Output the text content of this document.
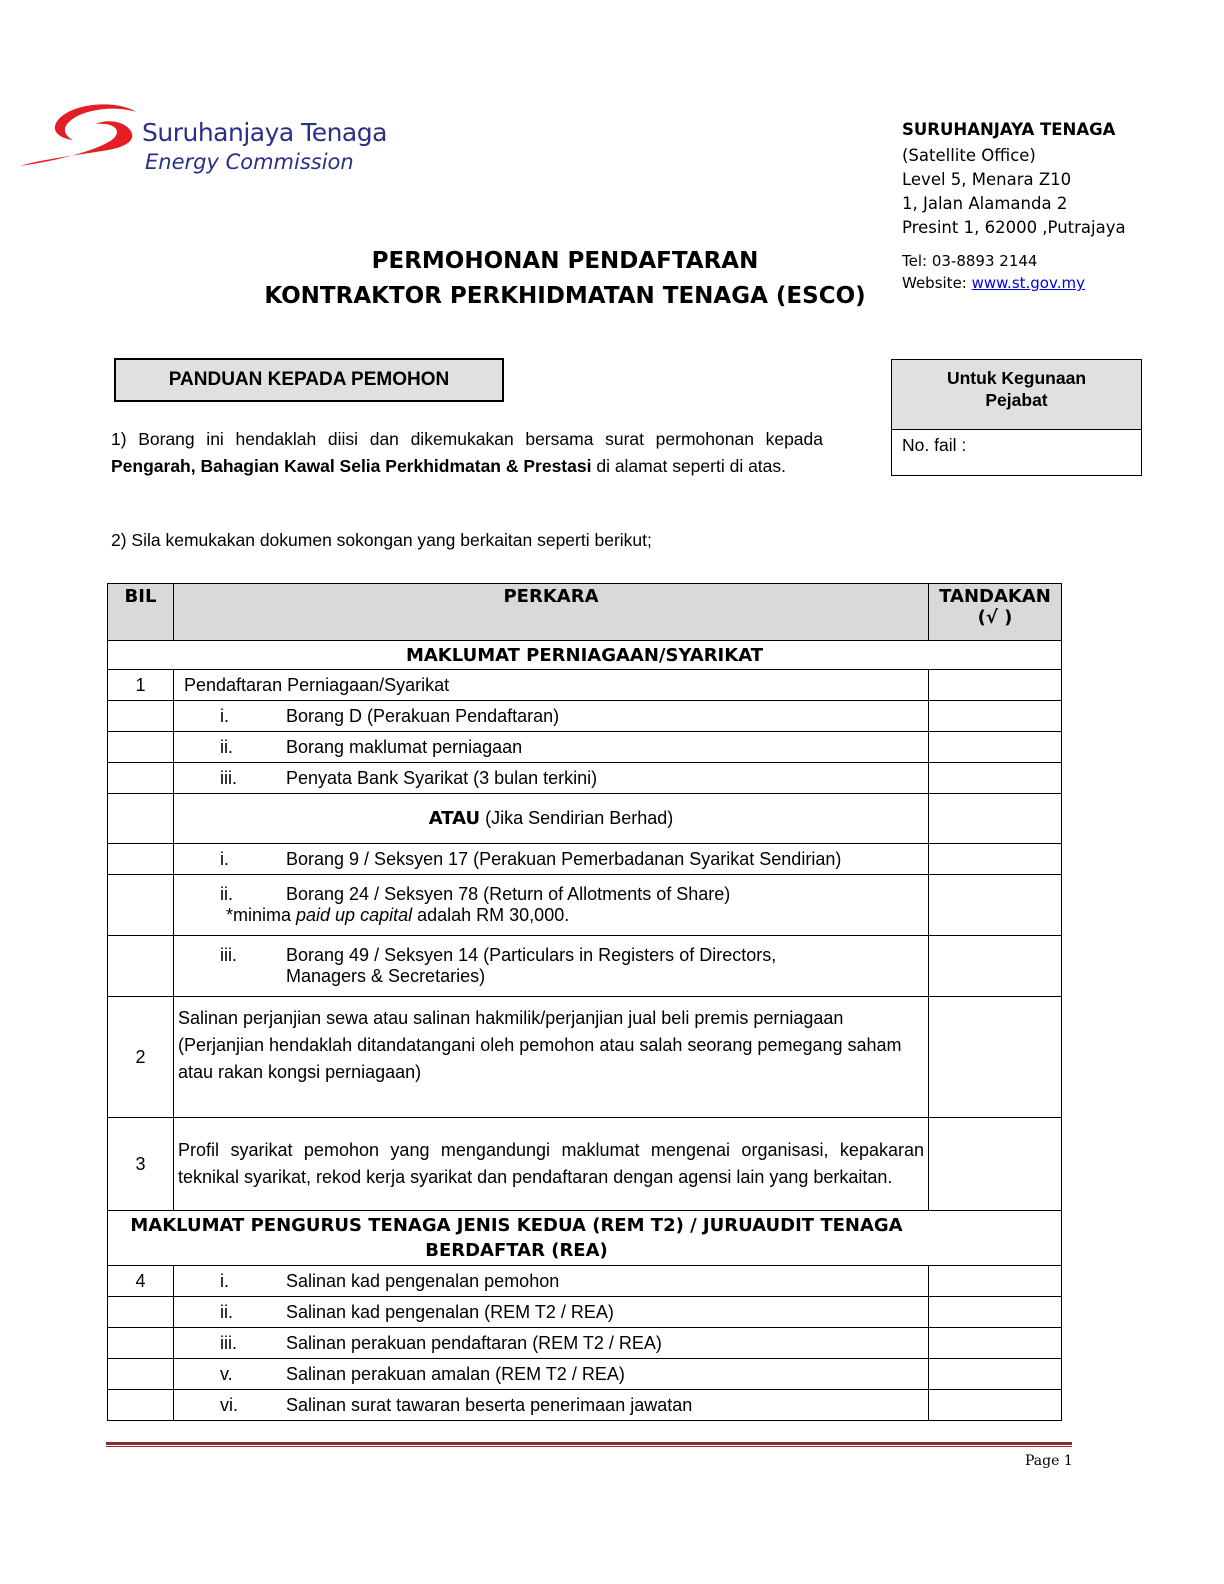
Suruhanjaya Tenaga
Energy Commission
SURUHANJAYA TENAGA
(Satellite Office)
Level 5, Menara Z10
1, Jalan Alamanda 2
Presint 1, 62000 ,Putrajaya
Tel: 03-8893 2144
Website: www.st.gov.my
PERMOHONAN PENDAFTARAN
KONTRAKTOR PERKHIDMATAN TENAGA (ESCO)
PANDUAN KEPADA PEMOHON	Untuk Kegunaan Pejabat
No. fail :
1) Borang ini hendaklah diisi dan dikemukakan bersama surat permohonan kepada Pengarah, Bahagian Kawal Selia Perkhidmatan & Prestasi di alamat seperti di atas.
2) Sila kemukakan dokumen sokongan yang berkaitan seperti berikut;
BIL	PERKARA	TANDAKAN
(√ )

MAKLUMAT PERNIAGAAN/SYARIKAT		
1	Pendaftaran Perniagaan/Syarikat	
	i. Borang D (Perakuan Pendaftaran)	
	ii. Borang maklumat perniagaan	
	iii. Penyata Bank Syarikat (3 bulan terkini)	
	ATAU (Jika Sendirian Berhad)	
	i. Borang 9 / Seksyen 17 (Perakuan Pemerbadanan Syarikat Sendirian)	

	ii. Borang 24 / Seksyen 78 (Return of Allotments of Share)
*minima paid up capital adalah RM 30,000.	

	iii. Borang 49 / Seksyen 14 (Particulars in Registers of Directors,
Managers & Secretaries)	

2	Salinan perjanjian sewa atau salinan hakmilik/perjanjian jual beli premis perniagaan (Perjanjian hendaklah ditandatangani oleh pemohon atau salah seorang pemegang saham atau rakan kongsi perniagaan)	
3	Profil syarikat pemohon yang mengandungi maklumat mengenai organisasi, kepakaran teknikal syarikat, rekod kerja syarikat dan pendaftaran dengan agensi lain yang berkaitan.	

MAKLUMAT PENGURUS TENAGA JENIS KEDUA (REM T2) / JURUAUDIT TENAGA
BERDAFTAR (REA)		

4	i. Salinan kad pengenalan pemohon	
	ii. Salinan kad pengenalan (REM T2 / REA)	
	iii. Salinan perakuan pendaftaran (REM T2 / REA)	
	v. Salinan perakuan amalan (REM T2 / REA)	
	vi. Salinan surat tawaran beserta penerimaan jawatan	
Page 1
